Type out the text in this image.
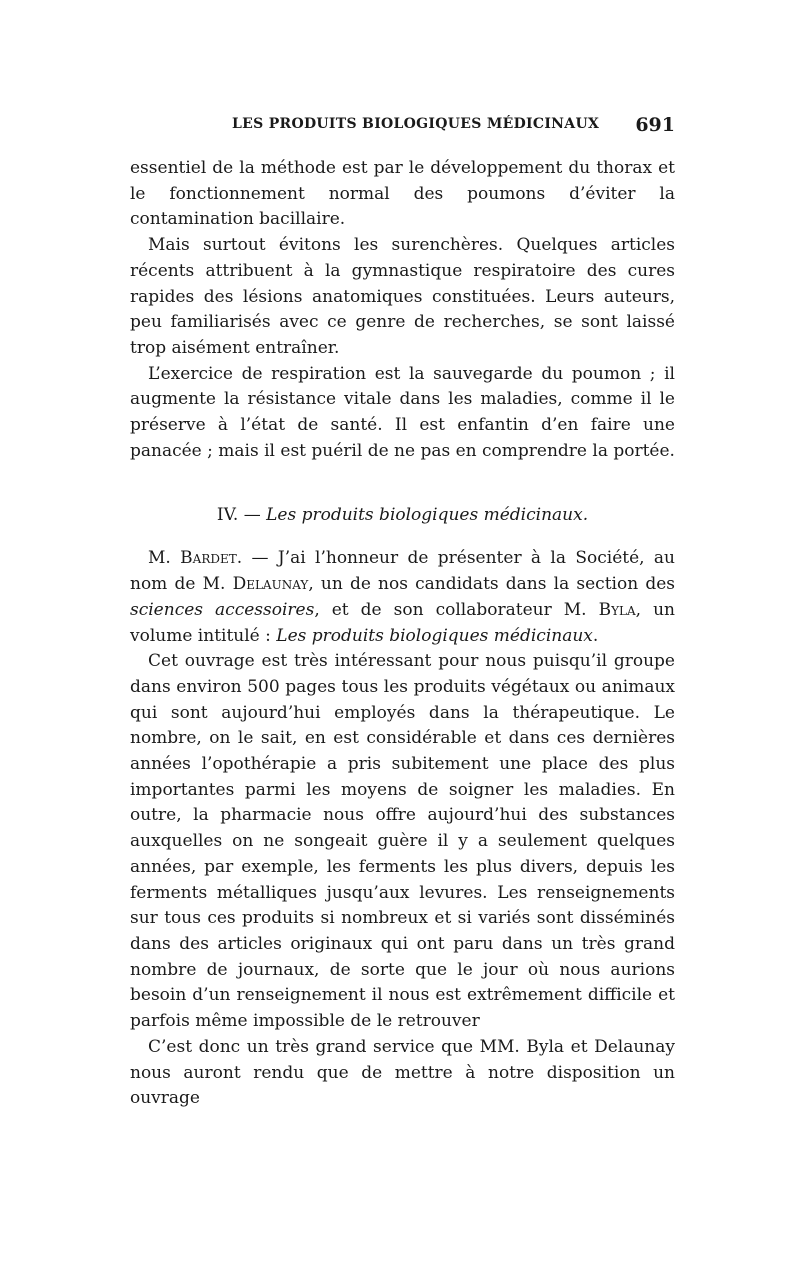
LES PRODUITS BIOLOGIQUES MÉDICINAUX 691

essentiel de la méthode est par le développement du thorax et le fonctionnement normal des poumons d’éviter la contamination bacillaire.

Mais surtout évitons les surenchères. Quelques articles récents attribuent à la gymnastique respiratoire des cures rapides des lésions anatomiques constituées. Leurs auteurs, peu familiarisés avec ce genre de recherches, se sont laissé trop aisément entraîner.

L’exercice de respiration est la sauvegarde du poumon ; il augmente la résistance vitale dans les maladies, comme il le préserve à l’état de santé. Il est enfantin d’en faire une panacée ; mais il est puéril de ne pas en comprendre la portée.

IV. — Les produits biologiques médicinaux.

M. Bardet. — J’ai l’honneur de présenter à la Société, au nom de M. Delaunay, un de nos candidats dans la section des sciences accessoires, et de son collaborateur M. Byla, un volume intitulé : Les produits biologiques médicinaux.

Cet ouvrage est très intéressant pour nous puisqu’il groupe dans environ 500 pages tous les produits végétaux ou animaux qui sont aujourd’hui employés dans la thérapeutique. Le nombre, on le sait, en est considérable et dans ces dernières années l’opothérapie a pris subitement une place des plus importantes parmi les moyens de soigner les maladies. En outre, la pharmacie nous offre aujourd’hui des substances auxquelles on ne songeait guère il y a seulement quelques années, par exemple, les ferments les plus divers, depuis les ferments métalliques jusqu’aux levures. Les renseignements sur tous ces produits si nombreux et si variés sont disséminés dans des articles originaux qui ont paru dans un très grand nombre de journaux, de sorte que le jour où nous aurions besoin d’un renseignement il nous est extrêmement difficile et parfois même impossible de le retrouver

C’est donc un très grand service que MM. Byla et Delaunay nous auront rendu que de mettre à notre disposition un ouvrage
